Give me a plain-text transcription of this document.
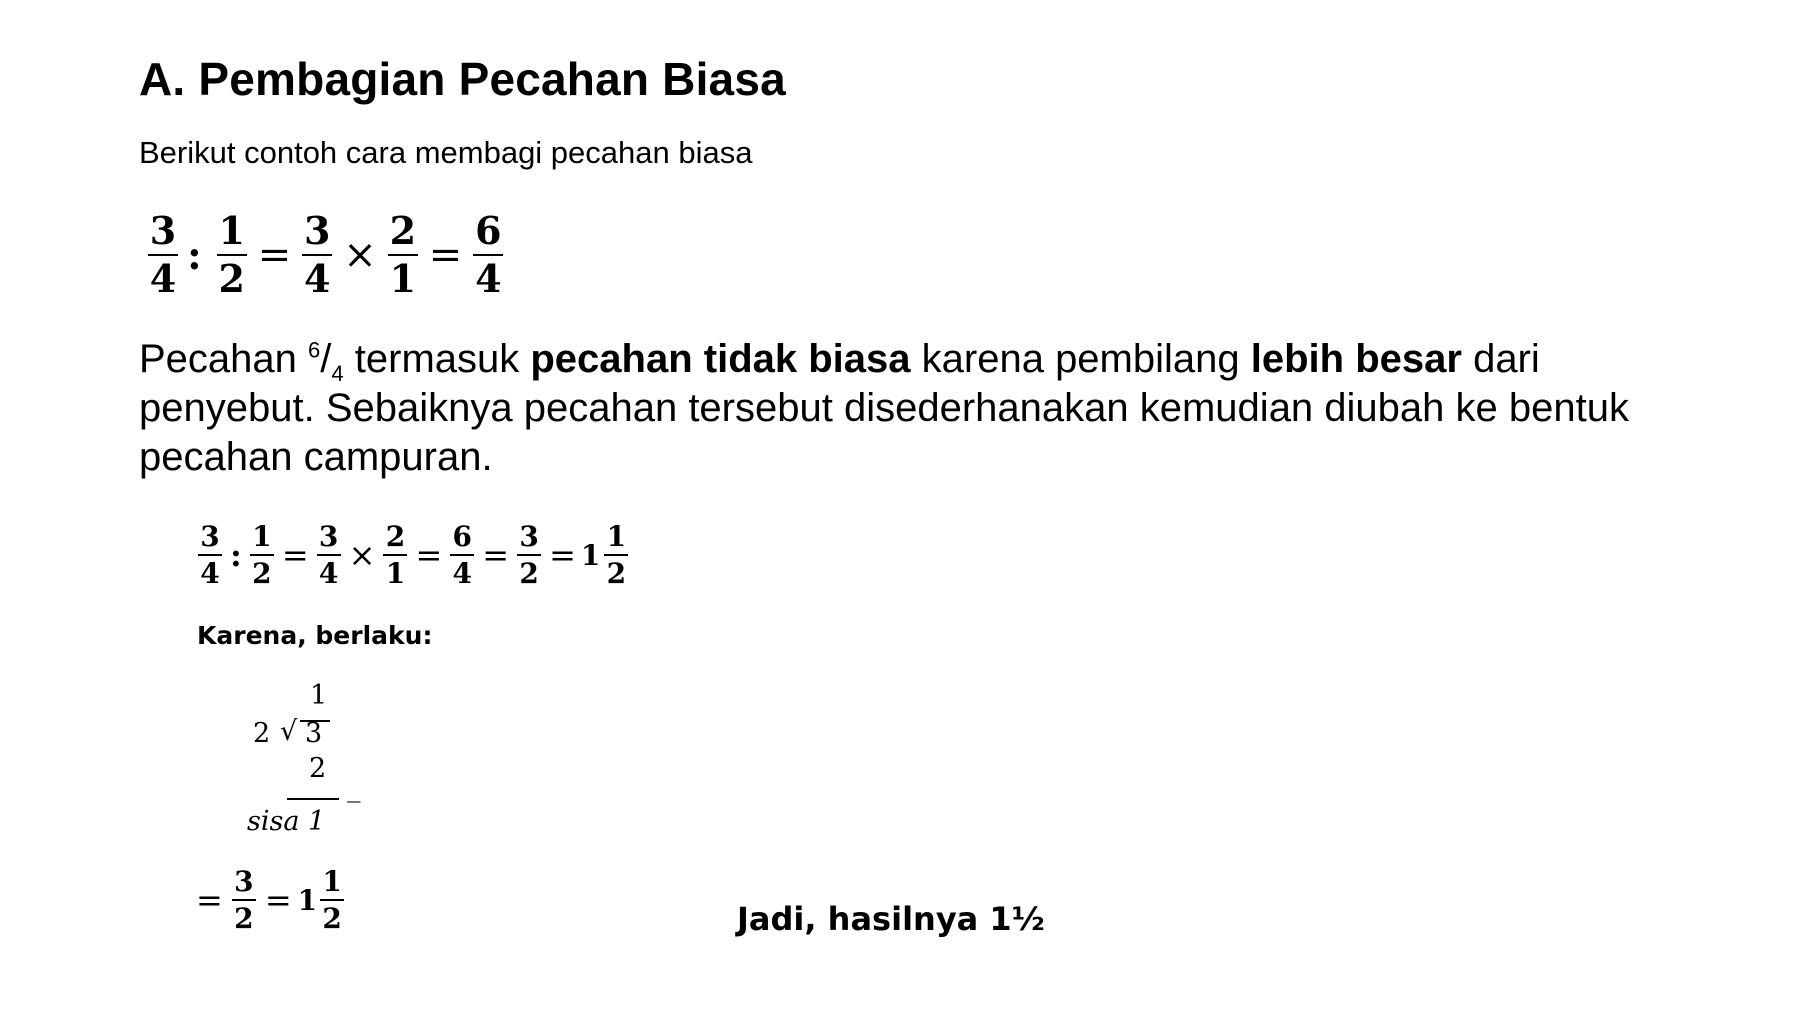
A. Pembagian Pecahan Biasa
Berikut contoh cara membagi pecahan biasa
$\frac{3}{4}$ : $\frac{1}{2} = \frac{3}{4} \times \frac{2}{1} = \frac{6}{4}$
Pecahan $^6/_4$ termasuk pecahan tidak biasa karena pembilang lebih besar dari penyebut. Sebaiknya pecahan tersebut disederhanakan kemudian diubah ke bentuk pecahan campuran.
$\frac{3}{4}$ : $\frac{1}{2} = \frac{3}{4} \times \frac{2}{1} = \frac{6}{4} = \frac{3}{2} = 1 \frac{1}{2}$
Karena, berlaku:
1
2 √ 3
2
_
sisa 1
= $\frac{3}{2} = 1 \frac{1}{2}$	Jadi, hasilnya 1½
